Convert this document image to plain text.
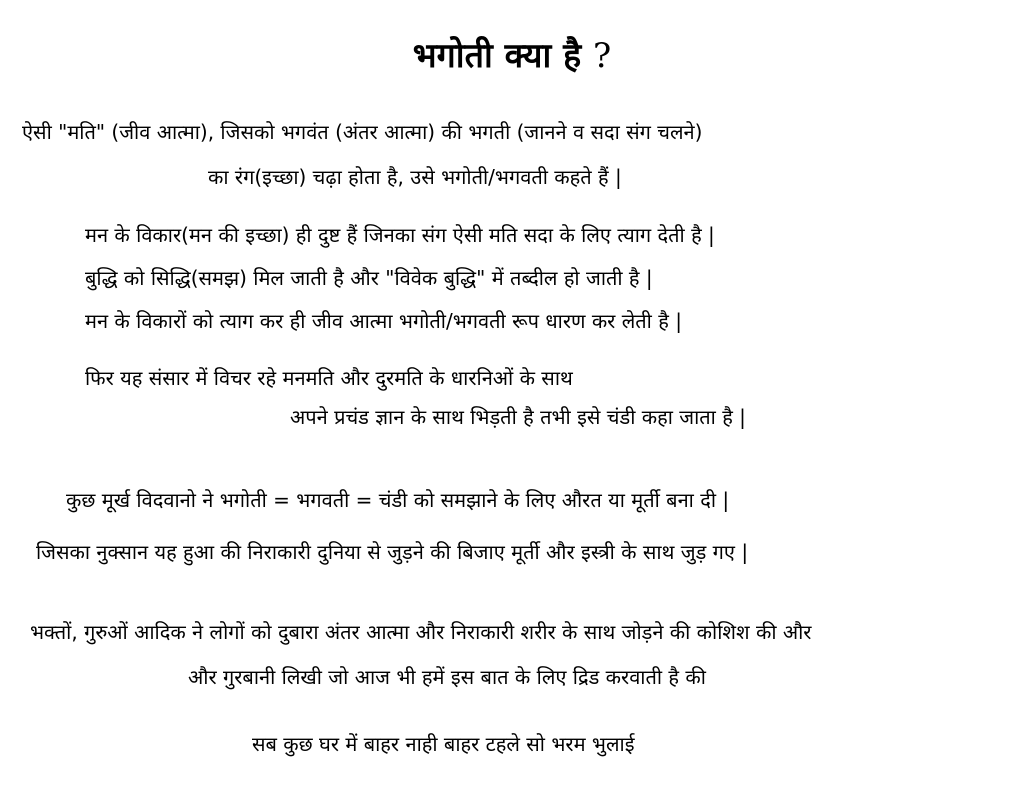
भगोती क्या है ?
ऐसी "मति" (जीव आत्मा), जिसको भगवंत (अंतर आत्मा) की भगती (जानने व सदा संग चलने)
का रंग(इच्छा) चढ़ा होता है, उसे भगोती/भगवती कहते हैं |
मन के विकार(मन की इच्छा) ही दुष्ट हैं जिनका संग ऐसी मति सदा के लिए त्याग देती है |
बुद्धि को सिद्धि(समझ) मिल जाती है और "विवेक बुद्धि" में तब्दील हो जाती है |
मन के विकारों को त्याग कर ही जीव आत्मा भगोती/भगवती रूप धारण कर लेती है |
फिर यह संसार में विचर रहे मनमति और दुरमति के धारनिओं के साथ
अपने प्रचंड ज्ञान के साथ भिड़ती है तभी इसे चंडी कहा जाता है |
कुछ मूर्ख विदवानो ने भगोती = भगवती = चंडी को समझाने के लिए औरत या मूर्ती बना दी |
जिसका नुक्सान यह हुआ की निराकारी दुनिया से जुड़ने की बिजाए मूर्ती और इस्त्री के साथ जुड़ गए |
भक्तों, गुरुओं आदिक ने लोगों को दुबारा अंतर आत्मा और निराकारी शरीर के साथ जोड़ने की कोशिश की और
और गुरबानी लिखी जो आज भी हमें इस बात के लिए द्रिड करवाती है की
सब कुछ घर में बाहर नाही बाहर टहले सो भरम भुलाई
